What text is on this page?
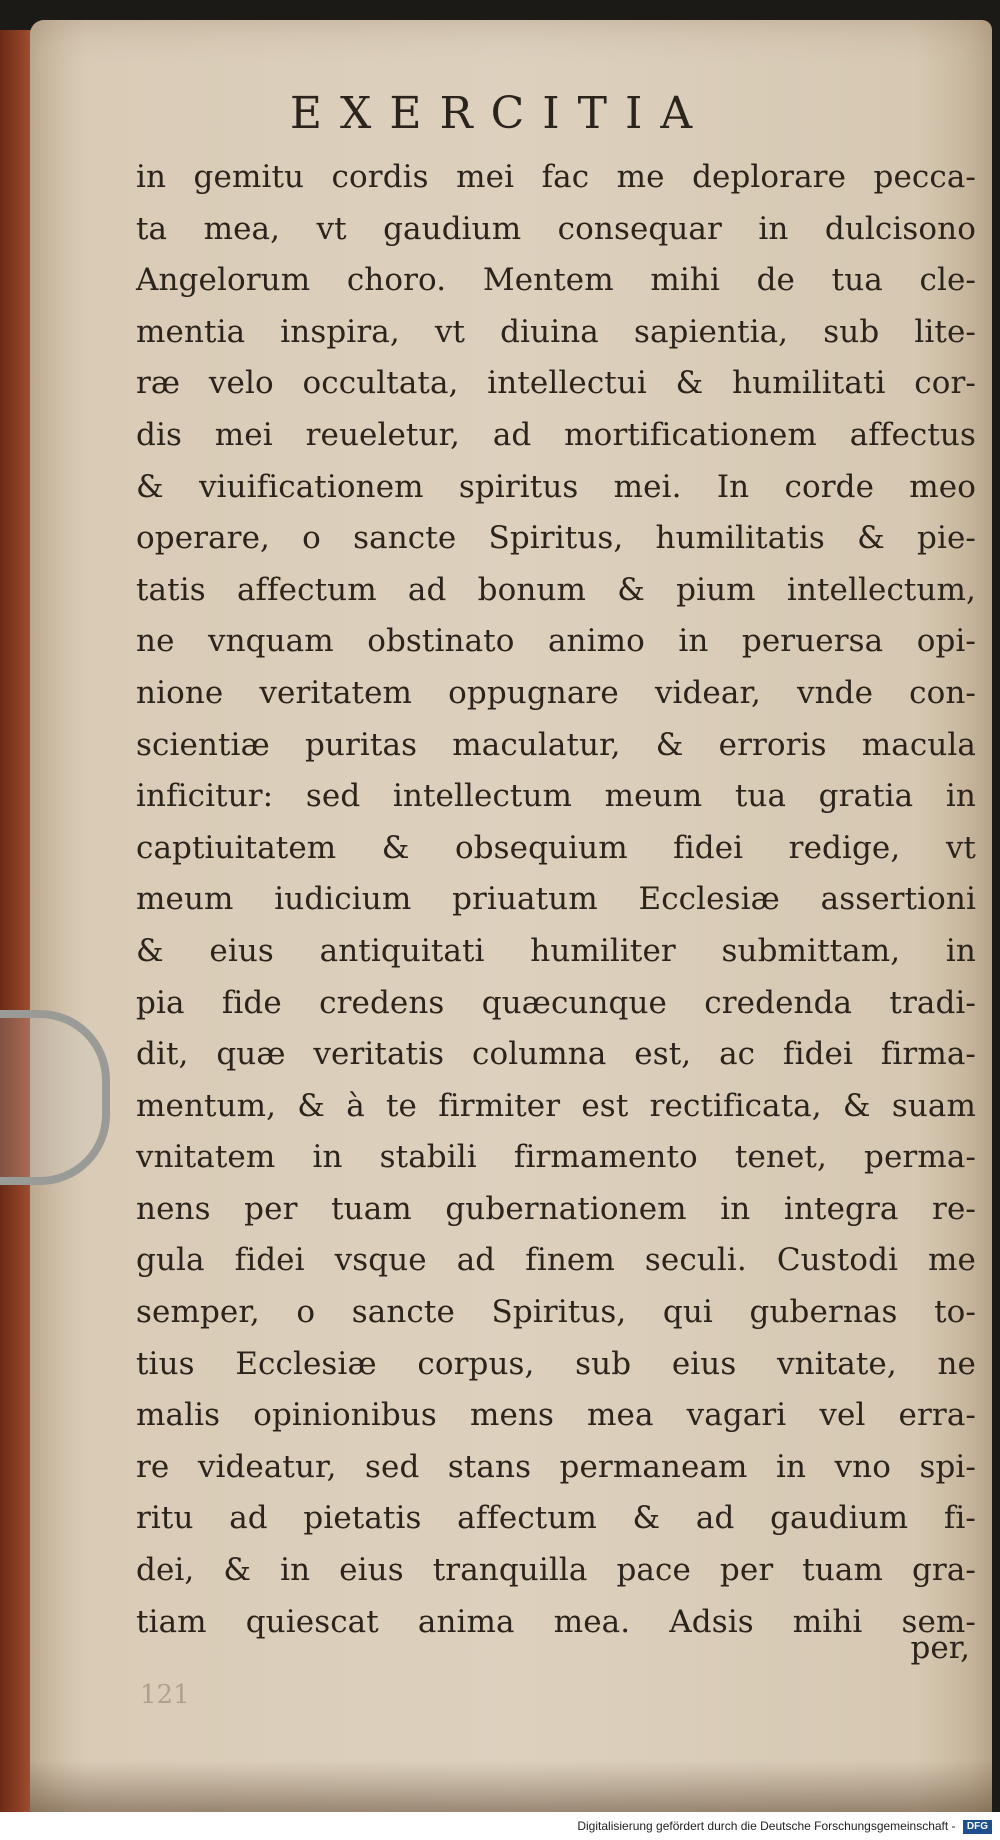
EXERCITIA
in gemitu cordis mei fac me deplorare pecca-
ta mea, vt gaudium consequar in dulcisono
Angelorum choro. Mentem mihi de tua cle-
mentia inspira, vt diuina sapientia, sub lite-
ræ velo occultata, intellectui & humilitati cor-
dis mei reueletur, ad mortificationem affectus
& viuificationem spiritus mei. In corde meo
operare, o sancte Spiritus, humilitatis & pie-
tatis affectum ad bonum & pium intellectum,
ne vnquam obstinato animo in peruersa opi-
nione veritatem oppugnare videar, vnde con-
scientiæ puritas maculatur, & erroris macula
inficitur: sed intellectum meum tua gratia in
captiuitatem & obsequium fidei redige, vt
meum iudicium priuatum Ecclesiæ assertioni
& eius antiquitati humiliter submittam, in
pia fide credens quæcunque credenda tradi-
dit, quæ veritatis columna est, ac fidei firma-
mentum, & à te firmiter est rectificata, & suam
vnitatem in stabili firmamento tenet, perma-
nens per tuam gubernationem in integra re-
gula fidei vsque ad finem seculi. Custodi me
semper, o sancte Spiritus, qui gubernas to-
tius Ecclesiæ corpus, sub eius vnitate, ne
malis opinionibus mens mea vagari vel erra-
re videatur, sed stans permaneam in vno spi-
ritu ad pietatis affectum & ad gaudium fi-
dei, & in eius tranquilla pace per tuam gra-
tiam quiescat anima mea. Adsis mihi sem-
per,
121
Digitalisierung gefördert durch die Deutsche Forschungsgemeinschaft - DFG
